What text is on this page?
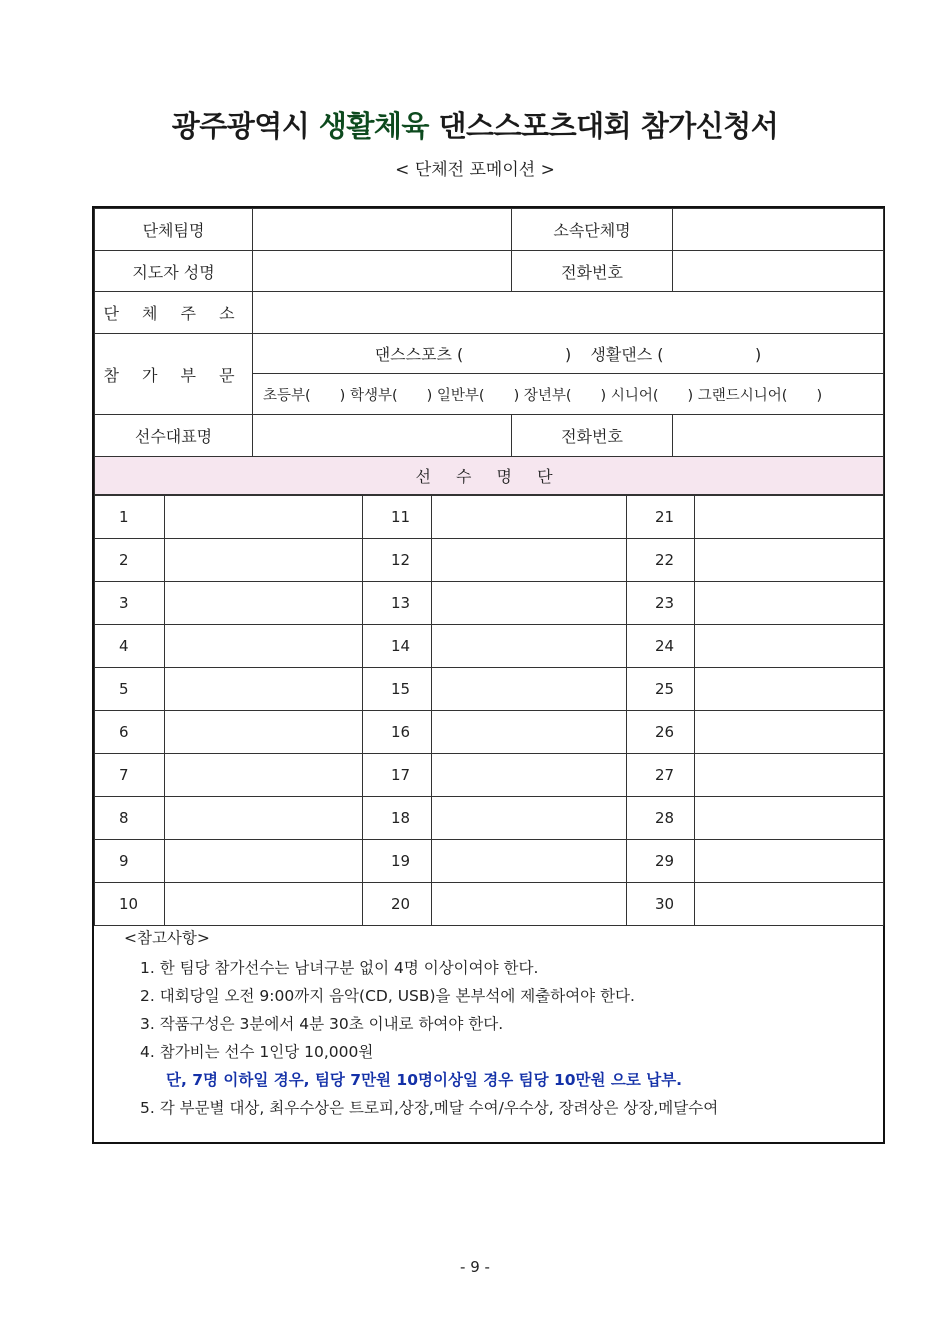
광주광역시 생활체육 댄스스포츠대회 참가신청서
< 단체전 포메이션 >
단체팀명		소속단체명	
지도자 성명		전화번호	
단 체 주 소			
참 가 부 문	댄스스포츠 (                    ) 생활댄스 (                  )		
	초등부(　　) 학생부(　　) 일반부(　　) 장년부(　　) 시니어(　　) 그랜드시니어(　　)		
선수대표명		전화번호	
선 수 명 단			
1		11		21	
2		12		22	
3		13		23	
4		14		24	
5		15		25	
6		16		26	
7		17		27	
8		18		28	
9		19		29	
10		20		30	
<참고사항>
1. 한 팀당 참가선수는 남녀구분 없이 4명 이상이여야 한다.
2. 대회당일 오전 9:00까지 음악(CD, USB)을 본부석에 제출하여야 한다.
3. 작품구성은 3분에서 4분 30초 이내로 하여야 한다.
4. 참가비는 선수 1인당 10,000원
단, 7명 이하일 경우, 팀당 7만원 10명이상일 경우 팀당 10만원 으로 납부.
5. 각 부문별 대상, 최우수상은 트로피,상장,메달 수여/우수상, 장려상은 상장,메달수여
- 9 -
